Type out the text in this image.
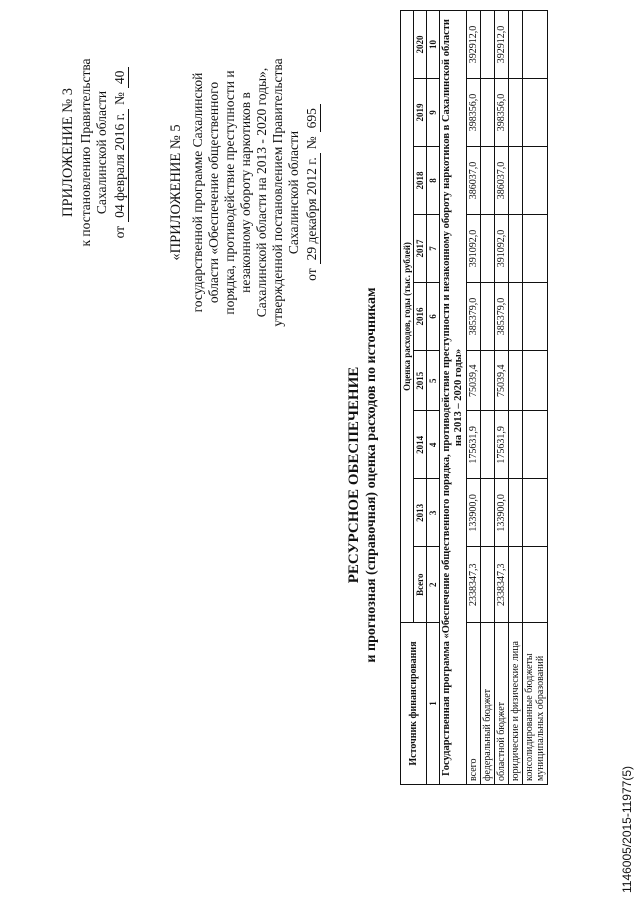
ПРИЛОЖЕНИЕ № 3 к постановлению Правительства Сахалинской области
от
04 февраля 2016 г.
№
40
«ПРИЛОЖЕНИЕ № 5 государственной программе Сахалинской области «Обеспечение общественного порядка, противодействие преступности и незаконному обороту наркотиков в Сахалинской области на 2013 - 2020 годы», утвержденной постановлением Правительства Сахалинской области
от
29 декабря 2012 г.
№
695
РЕСУРСНОЕ ОБЕСПЕЧЕНИЕ и прогнозная (справочная) оценка расходов по источникам
Источник финансирования	Оценка расходов, годы (тыс. рублей)								
	Всего	2013	2014	2015	2016	2017	2018	2019	2020
1	2	3	4	5	6	7	8	9	10
Государственная программа «Обеспечение общественного порядка, противодействие преступности и незаконному обороту наркотиков в Сахалинской области на 2013 – 2020 годы»									
всего	2338347,3	133900,0	175631,9	75039,4	385379,0	391092,0	386037,0	398356,0	392912,0
федеральный бюджет									
областной бюджет	2338347,3	133900,0	175631,9	75039,4	385379,0	391092,0	386037,0	398356,0	392912,0
юридические и физические лица									
консолидированные бюджеты муниципальных образований									
1146005/2015-11977(5)
